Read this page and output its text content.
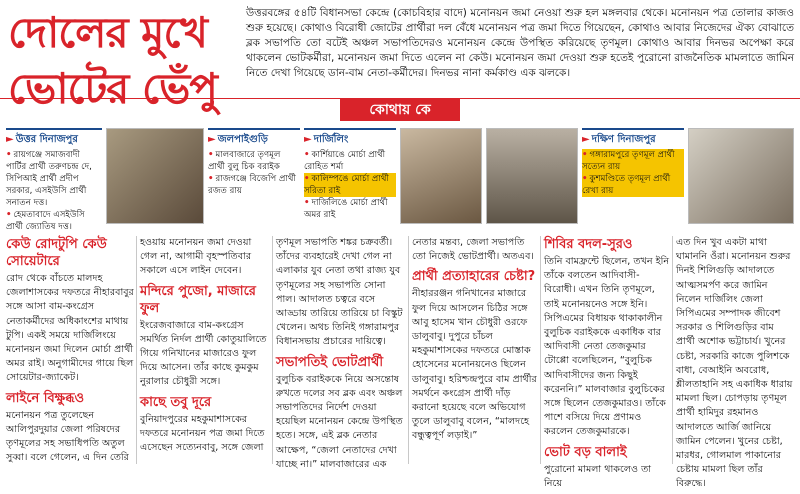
দোলের মুখে
ভোটের ভেঁপু
উত্তরবঙ্গের ৫৪টি বিধানসভা কেন্দ্রে (কোচবিহার বাদে) মনোনয়ন জমা নেওয়া শুরু হল মঙ্গলবার থেকে। মনোনয়ন পত্র তোলার কাজও শুরু হয়েছে। কোথাও বিরোধী জোটের প্রার্থীরা দল বেঁধে মনোনয়ন পত্র জমা দিতে গিয়েছেন, কোথাও আবার নিজেদের ঐক্য বোঝাতে ব্লক সভাপতি তো বটেই অঞ্চল সভাপতিদেরও মনোনয়ন কেন্দ্রে উপস্থিত করিয়েছে তৃণমূল। কোথাও আবার দিনভর অপেক্ষা করে থাকলেন ভোটকর্মীরা, মনোনয়ন জমা দিতে এলেন না কেউ। মনোনয়ন জমা দেওয়া শুরু হতেই পুরোনো রাজনৈতিক মামলাতে জামিন নিতে দেখা গিয়েছে ডান-বাম নেতা-কর্মীদের। দিনভর নানা কর্মকাণ্ড এক ঝলকে।
কোথায় কে
► উত্তর দিনাজপুর
• রায়গঞ্জে সমাজবাদী পার্টির প্রার্থী তরুণচন্দ্র দে, সিপিআই প্রার্থী প্রদীপ সরকার, এসইউসি প্রার্থী সনাতন দত্ত।
• হেমতাবাদে এসইউসি প্রার্থী জ্যোতিষ দত্ত।
► জলপাইগুড়ি
• মালবাজারে তৃণমূল প্রার্থী বুলু চিক বরাইক
• রাজগঞ্জে বিজেপি প্রার্থী রজত রায়
► দার্জিলিং
• কার্শিয়াঙে মোর্চা প্রার্থী রোহিত শর্মা
• কালিম্পঙে মোর্চা প্রার্থী সরিতা রাই
• দার্জিলিঙে মোর্চা প্রার্থী অমর রাই
► দক্ষিণ দিনাজপুর
• গঙ্গারামপুরে তৃণমূল প্রার্থী সত্যেন রায়
• কুশমণ্ডিতে তৃণমূল প্রার্থী রেখা রায়
কেউ রোদটুপি কেউ সোয়েটারে

রোদ থেকে বাঁচতে মালদহ জেলাশাসকের দফতরে নীহারবাবুর সঙ্গে আসা বাম-কংগ্রেস নেতাকর্মীদের অধিকাংশের মাথায় টুপি। একই সময়ে দার্জিলিংয়ে মনোনয়ন জমা দিলেন মোর্চা প্রার্থী অমর রাই। অনুগামীদের গায়ে ছিল সোয়েটার-জ্যাকেট।

লাইনে বিক্ষুব্ধও

মনোনয়ন পত্র তুলেছেন আলিপুরদুয়ার জেলা পরিষদের তৃণমূলের সহ সভাধিপতি অতুল সুব্বা। বলে গেলেন, এ দিন তেরি

হওয়ায় মনোনয়ন জমা দেওয়া গেল না, আগামী বৃহস্পতিবার সকালে এসে লাইন দেবেন।

মন্দিরে পুজো, মাজারে ফুল

ইংরেজবাজারে বাম-কংগ্রেস সমর্থিত নির্দল প্রার্থী কোতুয়ালিতে গিয়ে গনিখানের মাজারেও ফুল দিয়ে আসেন। তাঁর কাছে কুমকুম নুরালার চৌধুরী সঙ্গে।

কাছে তবু দূরে

বুনিয়াদপুরের মহকুমাশাসকের দফতরে মনোনয়ন পত্র জমা দিতে এসেছেন সত্যেনবাবু, সঙ্গে জেলা

তৃণমূল সভাপতি শঙ্কর চক্রবর্তী। তাঁদের ব্যবহারেই দেখা গেল না এলাকার যুব নেতা তথা রাজ্য যুব তৃণমূলের সহ সভাপতি সোনা পাল। আদালত চত্বরে বসে আড্ডায় তারিয়ে তারিয়ে চা বিস্কুট খেলেন। অথচ তিনিই গঙ্গারামপুর বিধানসভায় প্রচারের দায়িত্বে।

সভাপতিই ভোটপ্রার্থী

বুলুচিক বরাইককে নিয়ে অসন্তোষ রুখতে দলের সব ব্লক এবং অঞ্চল সভাপতিদের নির্দেশ দেওয়া হয়েছিল মনোনয়ন কেন্দ্রে উপস্থিত হতে। সঙ্গে, এই ব্লক নেতার আক্ষেপ, “জেলা নেতাদের দেখা যাচ্ছে না।” মালবাজারের এক

নেতার মন্তব্য, জেলা সভাপতি তো নিজেই ভোটপ্রার্থী। অতএব।

প্রার্থী প্রত্যাহারের চেষ্টা?

নীহাররঞ্জন গনিখানের মাজারে ফুল দিয়ে আসলেন চিঠির সঙ্গে আবু হাসেম খান চৌধুরী ওরফে ডালুবাবু। দুপুরে চাঁচল মহকুমাশাসকের দফতরে মোস্তাক হোসেনের মনোনয়নেও ছিলেন ডালুবাবু। হরিশ্চন্দ্রপুরে বাম প্রার্থীর সমর্থনে কংগ্রেস প্রার্থী দাঁড় করানো হয়েছে বলে অভিযোগ তুলে ডালুবাবু বলেন, “মালদহে বন্ধুত্বপূর্ণ লড়াই।”

শিবির বদল-সুরও

তিনি বামফ্রন্টে ছিলেন, তখন ইনি তাঁকে বলতেন আদিবাসী-বিরোধী। এখন তিনি তৃণমূলে, তাই মনোনয়নেও সঙ্গে ইনি। সিপিএমের বিধায়ক থাকাকালীন বুলুচিক বরাইককে একাধিক বার আদিবাসী নেতা তেজকুমার টোপ্পো বলেছিলেন, “বুলুচিক আদিবাসীদের জন্য কিছুই করেননি।” মালবাজার বুলুচিকের সঙ্গে ছিলেন তেজকুমারও। তাঁকে পাশে বসিয়ে দিয়ে প্রণামও করলেন তেজকুমারকে।

ভোট বড় বালাই

পুরোনো মামলা থাকলেও তা নিয়ে

এত দিন খুব একটা মাথা ঘামাননি ওঁরা। মনোনয়ন শুরুর দিনই শিলিগুড়ি আদালতে আত্মসমর্পণ করে জামিন নিলেন দার্জিলিং জেলা সিপিএমের সম্পাদক জীবেশ সরকার ও শিলিগুড়ির বাম প্রার্থী অশোক ভট্টাচার্য। খুনের চেষ্টা, সরকারি কাজে পুলিশকে বাধা, বেআইনি অবরোধ, শ্লীলতাহানি সহ একাধিক ধারায় মামলা ছিল। চোপড়ায় তৃণমূল প্রার্থী হামিদুর রহমানও আদালতে আর্জি জানিয়ে জামিন পেলেন। খুনের চেষ্টা, মারধর, গোলমাল পাকানোর চেষ্টায় মামলা ছিল তাঁর বিরুদ্ধে।
